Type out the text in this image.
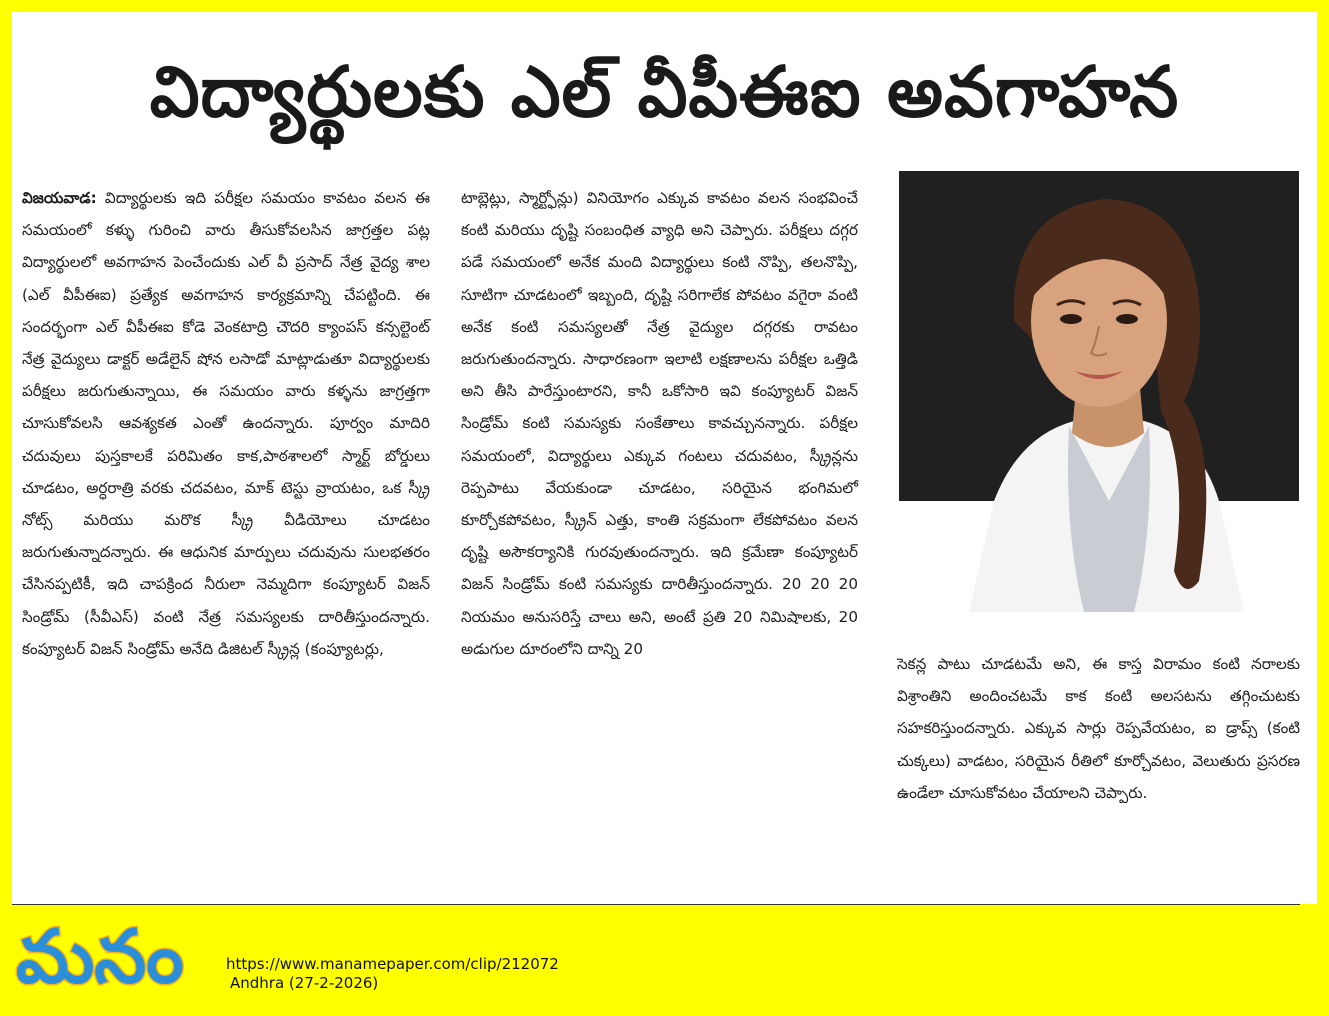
విద్యార్థులకు ఎల్ వీపీఈఐ అవగాహన

విజయవాడ: విద్యార్థులకు ఇది పరీక్షల సమయం కావటం వలన ఈ సమయంలో కళ్ళు గురించి వారు తీసుకోవలసిన జాగ్రత్తల పట్ల విద్యార్థులలో అవగాహన పెంచేందుకు ఎల్ వీ ప్రసాద్ నేత్ర వైద్య శాల (ఎల్ వీపీఈఐ) ప్రత్యేక అవగాహన కార్యక్రమాన్ని చేపట్టింది. ఈ సందర్భంగా ఎల్ వీపీఈఐ కోడె వెంకటాద్రి చౌదరి క్యాంపస్ కన్సల్టెంట్ నేత్ర వైద్యులు డాక్టర్ అడేలైన్ షోన లసాడో మాట్లాడుతూ విద్యార్థులకు పరీక్షలు జరుగుతున్నాయి, ఈ సమయం వారు కళ్ళను జాగ్రత్తగా చూసుకోవలసి ఆవశ్యకత ఎంతో ఉందన్నారు. పూర్వం మాదిరి చదువులు పుస్తకాలకే పరిమితం కాక,పాఠశాలలో స్మార్ట్ బోర్డులు చూడటం, అర్ధరాత్రి వరకు చదవటం, మాక్ టెస్టు వ్రాయటం, ఒక స్క్రీ నోట్స్ మరియు మరొక స్క్రీ వీడియోలు చూడటం జరుగుతున్నాదన్నారు. ఈ ఆధునిక మార్పులు చదువును సులభతరం చేసినప్పటికీ, ఇది చాపక్రింద నీరులా నెమ్మదిగా కంప్యూటర్ విజన్ సిండ్రోమ్ (సీవీఎస్) వంటి నేత్ర సమస్యలకు దారితీస్తుందన్నారు. కంప్యూటర్ విజన్ సిండ్రోమ్ అనేది డిజిటల్ స్క్రీన్ల (కంప్యూటర్లు,

టాబ్లెట్లు, స్మార్ట్ఫోన్లు) వినియోగం ఎక్కువ కావటం వలన సంభవించే కంటి మరియు దృష్టి సంబంధిత వ్యాధి అని చెప్పారు. పరీక్షలు దగ్గర పడే సమయంలో అనేక మంది విద్యార్థులు కంటి నొప్పి, తలనొప్పి, సూటిగా చూడటంలో ఇబ్బంది, దృష్టి సరిగాలేక పోవటం వగైరా వంటి అనేక కంటి సమస్యలతో నేత్ర వైద్యుల దగ్గరకు రావటం జరుగుతుందన్నారు. సాధారణంగా ఇలాటి లక్షణాలను పరీక్షల ఒత్తిడి అని తీసి పారేస్తుంటారని, కానీ ఒకోసారి ఇవి కంప్యూటర్ విజన్ సిండ్రోమ్ కంటి సమస్యకు సంకేతాలు కావచ్చునన్నారు. పరీక్షల సమయంలో, విద్యార్థులు ఎక్కువ గంటలు చదువటం, స్క్రీన్లను రెప్పపాటు వేయకుండా చూడటం, సరియైన భంగిమలో కూర్చోకపోవటం, స్క్రీన్ ఎత్తు, కాంతి సక్రమంగా లేకపోవటం వలన దృష్టి అసౌకర్యానికి గురవుతుందన్నారు. ఇది క్రమేణా కంప్యూటర్ విజన్ సిండ్రోమ్ కంటి సమస్యకు దారితీస్తుందన్నారు. 20 20 20 నియమం అనుసరిస్తే చాలు అని, అంటే ప్రతి 20 నిమిషాలకు, 20 అడుగుల దూరంలోని దాన్ని 20

సెకన్ల పాటు చూడటమే అని, ఈ కాస్త విరామం కంటి నరాలకు విశ్రాంతిని అందించటమే కాక కంటి అలసటను తగ్గించుటకు సహకరిస్తుందన్నారు. ఎక్కువ సార్లు రెప్పవేయటం, ఐ డ్రాప్స్ (కంటి చుక్కలు) వాడటం, సరియైన రీతిలో కూర్చోవటం, వెలుతురు ప్రసరణ ఉండేలా చూసుకోవటం చేయాలని చెప్పారు.

మనం	https://www.manamepaper.com/clip/212072
Andhra (27-2-2026)
